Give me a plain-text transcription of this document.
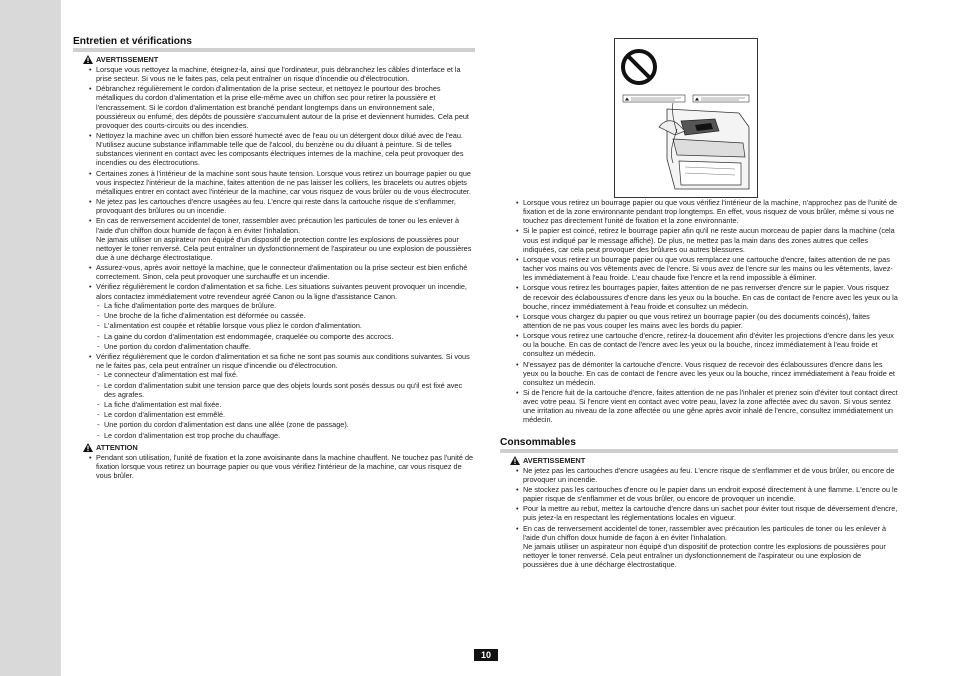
Entretien et vérifications
AVERTISSEMENT
• Lorsque vous nettoyez la machine, éteignez-la, ainsi que l'ordinateur, puis débranchez les câbles d'interface et la prise secteur. Si vous ne le faites pas, cela peut entraîner un risque d'incendie ou d'électrocution.
• Débranchez régulièrement le cordon d'alimentation de la prise secteur, et nettoyez le pourtour des broches métalliques du cordon d'alimentation et la prise elle-même avec un chiffon sec pour retirer la poussière et l'encrassement. Si le cordon d'alimentation est branché pendant longtemps dans un environnement sale, poussiéreux ou enfumé, des dépôts de poussière s'accumulent autour de la prise et deviennent humides. Cela peut provoquer des courts-circuits ou des incendies.
• Nettoyez la machine avec un chiffon bien essoré humecté avec de l'eau ou un détergent doux dilué avec de l'eau. N'utilisez aucune substance inflammable telle que de l'alcool, du benzène ou du diluant à peinture. Si de telles substances viennent en contact avec les composants électriques internes de la machine, cela peut provoquer des incendies ou des électrocutions.
• Certaines zones à l'intérieur de la machine sont sous haute tension. Lorsque vous retirez un bourrage papier ou que vous inspectez l'intérieur de la machine, faites attention de ne pas laisser les colliers, les bracelets ou autres objets métalliques entrer en contact avec l'intérieur de la machine, car vous risquez de vous brûler ou de vous électrocuter.
• Ne jetez pas les cartouches d'encre usagées au feu. L'encre qui reste dans la cartouche risque de s'enflammer, provoquant des brûlures ou un incendie.
• En cas de renversement accidentel de toner, rassembler avec précaution les particules de toner ou les enlever à l'aide d'un chiffon doux humide de façon à en éviter l'inhalation.
Ne jamais utiliser un aspirateur non équipé d'un dispositif de protection contre les explosions de poussières pour nettoyer le toner renversé. Cela peut entraîner un dysfonctionnement de l'aspirateur ou une explosion de poussières due à une décharge électrostatique.
• Assurez-vous, après avoir nettoyé la machine, que le connecteur d'alimentation ou la prise secteur est bien enfiché correctement. Sinon, cela peut provoquer une surchauffe et un incendie.
• Vérifiez régulièrement le cordon d'alimentation et sa fiche. Les situations suivantes peuvent provoquer un incendie, alors contactez immédiatement votre revendeur agréé Canon ou la ligne d'assistance Canon.
- La fiche d'alimentation porte des marques de brûlure.
- Une broche de la fiche d'alimentation est déformée ou cassée.
- L'alimentation est coupée et rétablie lorsque vous pliez le cordon d'alimentation.
- La gaine du cordon d'alimentation est endommagée, craquelée ou comporte des accrocs.
- Une portion du cordon d'alimentation chauffe.
• Vérifiez régulièrement que le cordon d'alimentation et sa fiche ne sont pas soumis aux conditions suivantes. Si vous ne le faites pas, cela peut entraîner un risque d'incendie ou d'électrocution.
- Le connecteur d'alimentation est mal fixé.
- Le cordon d'alimentation subit une tension parce que des objets lourds sont posés dessus ou qu'il est fixé avec des agrafes.
- La fiche d'alimentation est mal fixée.
- Le cordon d'alimentation est emmêlé.
- Une portion du cordon d'alimentation est dans une allée (zone de passage).
- Le cordon d'alimentation est trop proche du chauffage.
ATTENTION
• Pendant son utilisation, l'unité de fixation et la zone avoisinante dans la machine chauffent. Ne touchez pas l'unité de fixation lorsque vous retirez un bourrage papier ou que vous vérifiez l'intérieur de la machine, car vous risquez de vous brûler.
• Lorsque vous retirez un bourrage papier ou que vous vérifiez l'intérieur de la machine, n'approchez pas de l'unité de fixation et de la zone environnante pendant trop longtemps. En effet, vous risquez de vous brûler, même si vous ne touchez pas directement l'unité de fixation et la zone environnante.
• Si le papier est coincé, retirez le bourrage papier afin qu'il ne reste aucun morceau de papier dans la machine (cela vous est indiqué par le message affiché). De plus, ne mettez pas la main dans des zones autres que celles indiquées, car cela peut provoquer des brûlures ou autres blessures.
• Lorsque vous retirez un bourrage papier ou que vous remplacez une cartouche d'encre, faites attention de ne pas tacher vos mains ou vos vêtements avec de l'encre. Si vous avez de l'encre sur les mains ou les vêtements, lavez-les immédiatement à l'eau froide. L'eau chaude fixe l'encre et la rend impossible à éliminer.
• Lorsque vous retirez les bourrages papier, faites attention de ne pas renverser d'encre sur le papier. Vous risquez de recevoir des éclaboussures d'encre dans les yeux ou la bouche. En cas de contact de l'encre avec les yeux ou la bouche, rincez immédiatement à l'eau froide et consultez un médecin.
• Lorsque vous chargez du papier ou que vous retirez un bourrage papier (ou des documents coincés), faites attention de ne pas vous couper les mains avec les bords du papier.
• Lorsque vous retirez une cartouche d'encre, retirez-la doucement afin d'éviter les projections d'encre dans les yeux ou la bouche. En cas de contact de l'encre avec les yeux ou la bouche, rincez immédiatement à l'eau froide et consultez un médecin.
• N'essayez pas de démonter la cartouche d'encre. Vous risquez de recevoir des éclaboussures d'encre dans les yeux ou la bouche. En cas de contact de l'encre avec les yeux ou la bouche, rincez immédiatement à l'eau froide et consultez un médecin.
• Si de l'encre fuit de la cartouche d'encre, faites attention de ne pas l'inhaler et prenez soin d'éviter tout contact direct avec votre peau. Si l'encre vient en contact avec votre peau, lavez la zone affectée avec du savon. Si vous sentez une irritation au niveau de la zone affectée ou une gêne après avoir inhalé de l'encre, consultez immédiatement un médecin.
Consommables
AVERTISSEMENT
• Ne jetez pas les cartouches d'encre usagées au feu. L'encre risque de s'enflammer et de vous brûler, ou encore de provoquer un incendie.
• Ne stockez pas les cartouches d'encre ou le papier dans un endroit exposé directement à une flamme. L'encre ou le papier risque de s'enflammer et de vous brûler, ou encore de provoquer un incendie.
• Pour la mettre au rebut, mettez la cartouche d'encre dans un sachet pour éviter tout risque de déversement d'encre, puis jetez-la en respectant les réglementations locales en vigueur.
• En cas de renversement accidentel de toner, rassembler avec précaution les particules de toner ou les enlever à l'aide d'un chiffon doux humide de façon à en éviter l'inhalation.
Ne jamais utiliser un aspirateur non équipé d'un dispositif de protection contre les explosions de poussières pour nettoyer le toner renversé. Cela peut entraîner un dysfonctionnement de l'aspirateur ou une explosion de poussières due à une décharge électrostatique.
10
